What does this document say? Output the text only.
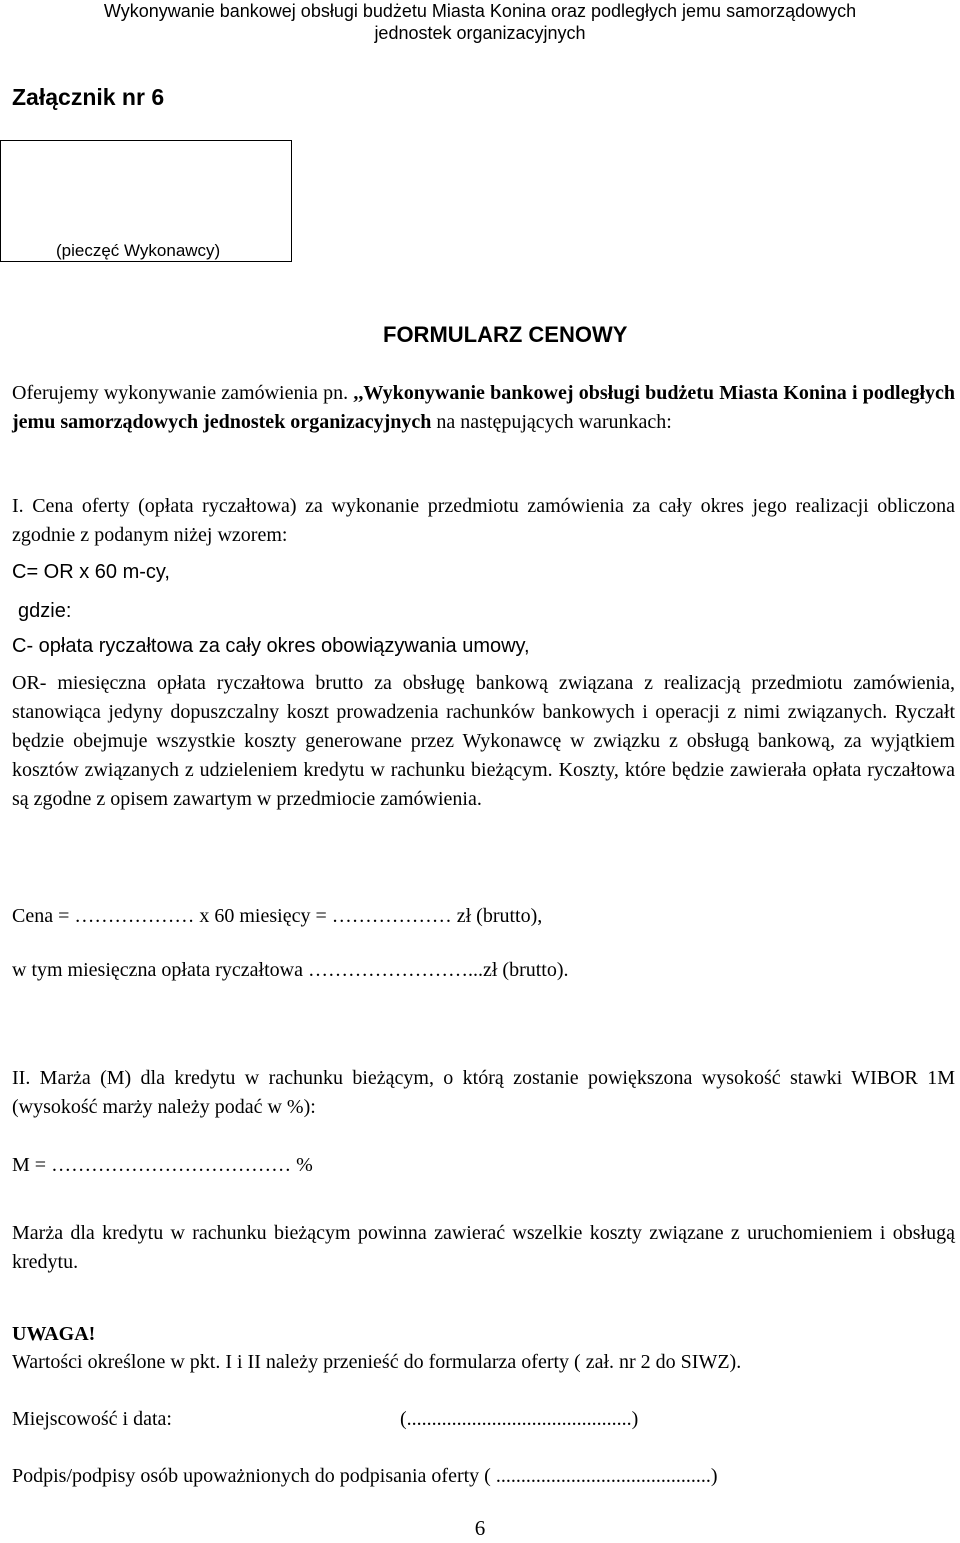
Wykonywanie bankowej obsługi budżetu Miasta Konina oraz podległych jemu samorządowych
jednostek organizacyjnych
Załącznik nr 6
(pieczęć Wykonawcy)
FORMULARZ CENOWY
Oferujemy wykonywanie zamówienia pn. ,,Wykonywanie bankowej obsługi budżetu Miasta Konina i podległych jemu samorządowych jednostek organizacyjnych na następujących warunkach:
I. Cena oferty (opłata ryczałtowa) za wykonanie przedmiotu zamówienia za cały okres jego realizacji obliczona zgodnie z podanym niżej wzorem:
C= OR x 60 m-cy,
gdzie:
C- opłata ryczałtowa za cały okres obowiązywania umowy,
OR- miesięczna opłata ryczałtowa brutto za obsługę bankową związana z realizacją przedmiotu zamówienia, stanowiąca jedyny dopuszczalny koszt prowadzenia rachunków bankowych i operacji z nimi związanych. Ryczałt będzie obejmuje wszystkie koszty generowane przez Wykonawcę w związku z obsługą bankową, za wyjątkiem kosztów związanych z udzieleniem kredytu w rachunku bieżącym. Koszty, które będzie zawierała opłata ryczałtowa są zgodne z opisem zawartym w przedmiocie zamówienia.
Cena = ……………… x 60 miesięcy = ……………… zł (brutto),
w tym miesięczna opłata ryczałtowa ……………………...zł (brutto).
II. Marża (M) dla kredytu w rachunku bieżącym, o którą zostanie powiększona wysokość stawki WIBOR 1M (wysokość marży należy podać w %):
M = ……………………………… %
Marża dla kredytu w rachunku bieżącym powinna zawierać wszelkie koszty związane z uruchomieniem i obsługą kredytu.
UWAGA!
Wartości określone w pkt. I i II należy przenieść do formularza oferty ( zał. nr 2 do SIWZ).
Miejscowość i data:	(.............................................)
Podpis/podpisy osób upoważnionych do podpisania oferty ( ...........................................)
6
